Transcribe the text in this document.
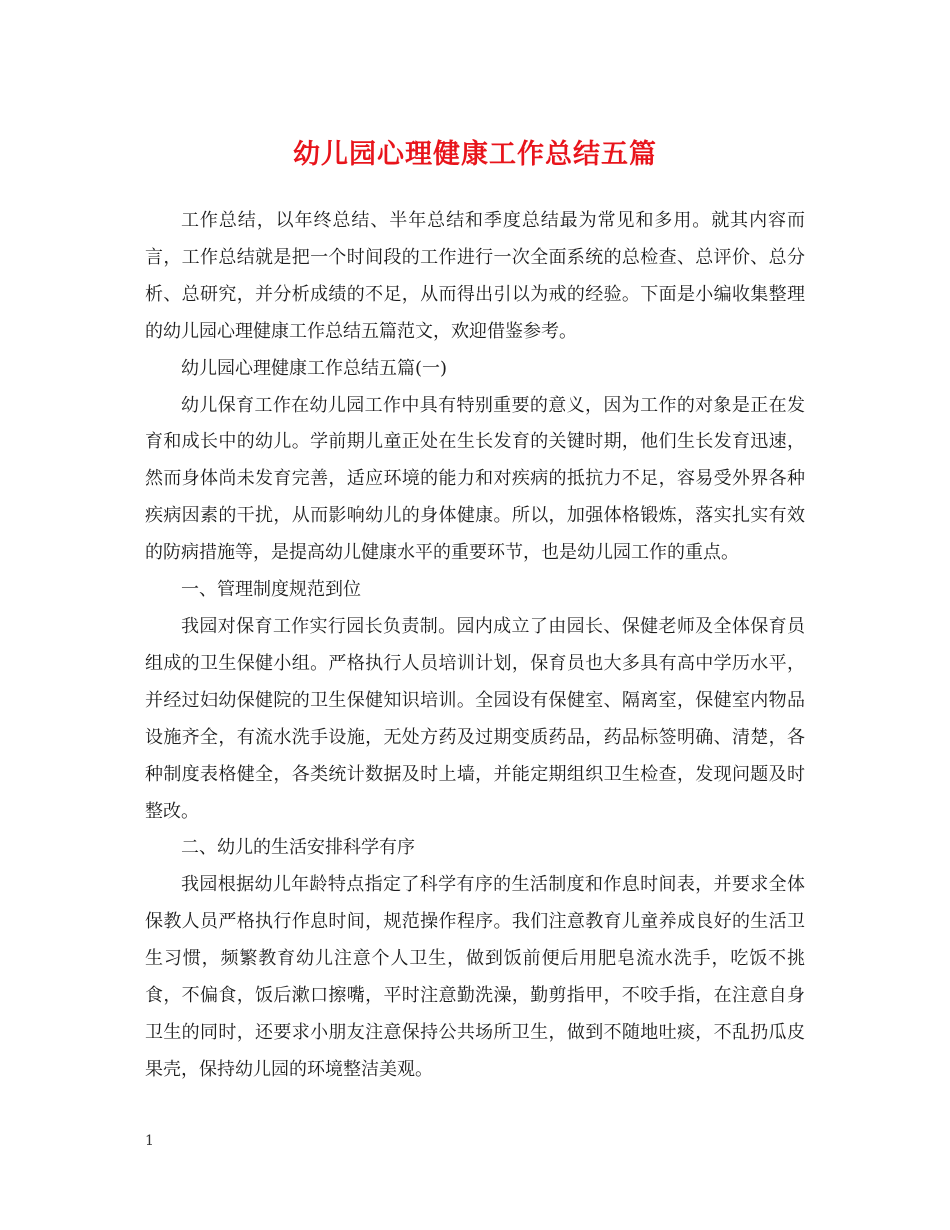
幼儿园心理健康工作总结五篇

工作总结，以年终总结、半年总结和季度总结最为常见和多用。就其内容而言，工作总结就是把一个时间段的工作进行一次全面系统的总检查、总评价、总分析、总研究，并分析成绩的不足，从而得出引以为戒的经验。下面是小编收集整理的幼儿园心理健康工作总结五篇范文，欢迎借鉴参考。

幼儿园心理健康工作总结五篇(一)

幼儿保育工作在幼儿园工作中具有特别重要的意义，因为工作的对象是正在发育和成长中的幼儿。学前期儿童正处在生长发育的关键时期，他们生长发育迅速，然而身体尚未发育完善，适应环境的能力和对疾病的抵抗力不足，容易受外界各种疾病因素的干扰，从而影响幼儿的身体健康。所以，加强体格锻炼，落实扎实有效的防病措施等，是提高幼儿健康水平的重要环节，也是幼儿园工作的重点。

一、管理制度规范到位

我园对保育工作实行园长负责制。园内成立了由园长、保健老师及全体保育员组成的卫生保健小组。严格执行人员培训计划，保育员也大多具有高中学历水平，并经过妇幼保健院的卫生保健知识培训。全园设有保健室、隔离室，保健室内物品设施齐全，有流水洗手设施，无处方药及过期变质药品，药品标签明确、清楚，各种制度表格健全，各类统计数据及时上墙，并能定期组织卫生检查，发现问题及时整改。

二、幼儿的生活安排科学有序

我园根据幼儿年龄特点指定了科学有序的生活制度和作息时间表，并要求全体保教人员严格执行作息时间，规范操作程序。我们注意教育儿童养成良好的生活卫生习惯，频繁教育幼儿注意个人卫生，做到饭前便后用肥皂流水洗手，吃饭不挑食，不偏食，饭后漱口擦嘴，平时注意勤洗澡，勤剪指甲，不咬手指，在注意自身卫生的同时，还要求小朋友注意保持公共场所卫生，做到不随地吐痰，不乱扔瓜皮果壳，保持幼儿园的环境整洁美观。

1
